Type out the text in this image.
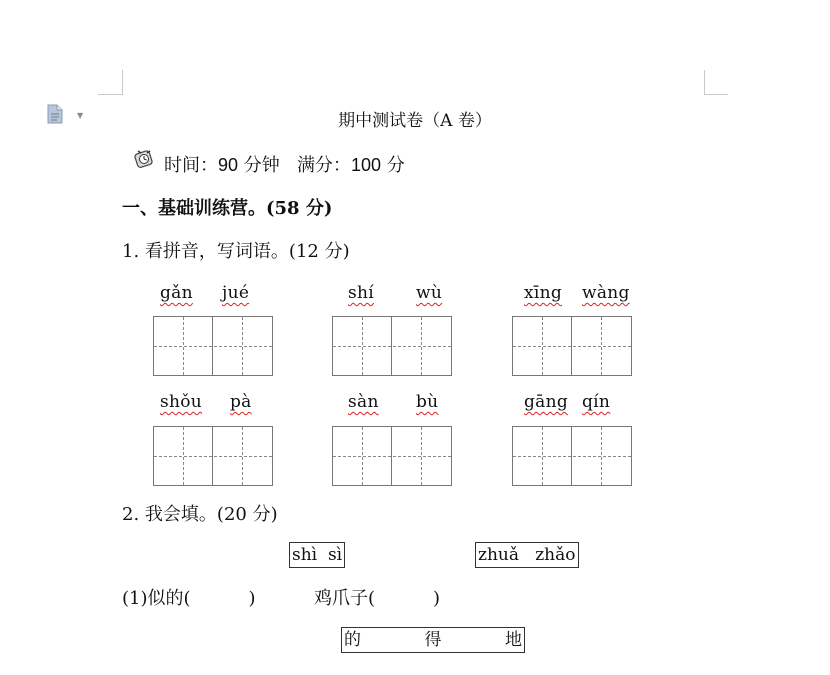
▼	期中测试卷（A 卷）
时间：90 分钟 满分：100 分
一、基础训练营。(58 分)
1. 看拼音，写词语。(12 分)
gǎn jué	shí wù	xīng wàng
shǒu pà	sàn bù	gāng qín
2. 我会填。(20 分)
shì sì	zhuǎ zhǎo
(1)似的(	)	鸡爪子(	)
的	得	地
